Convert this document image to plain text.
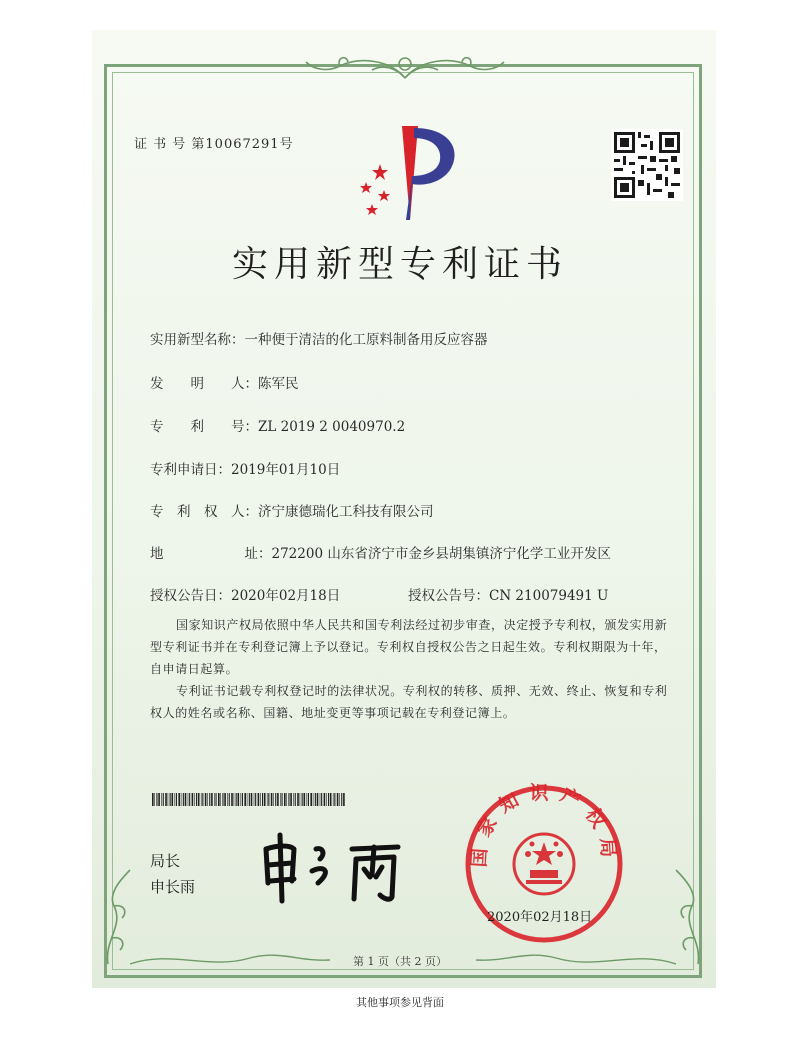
证 书 号 第10067291号
实用新型专利证书
实用新型名称：一种便于清洁的化工原料制备用反应容器
发　　明　　人：陈军民
专　　利　　号：ZL 2019 2 0040970.2
专利申请日：2019年01月10日
专　利　权　人：济宁康德瑞化工科技有限公司
地　　　　　　址：272200 山东省济宁市金乡县胡集镇济宁化学工业开发区
授权公告日：2020年02月18日	授权公告号：CN 210079491 U
国家知识产权局依照中华人民共和国专利法经过初步审查，决定授予专利权，颁发实用新型专利证书并在专利登记簿上予以登记。专利权自授权公告之日起生效。专利权期限为十年，自申请日起算。
专利证书记载专利权登记时的法律状况。专利权的转移、质押、无效、终止、恢复和专利权人的姓名或名称、国籍、地址变更等事项记载在专利登记簿上。
局长
申长雨
国家知识产权局
2020年02月18日
第 1 页（共 2 页）
其他事项参见背面
